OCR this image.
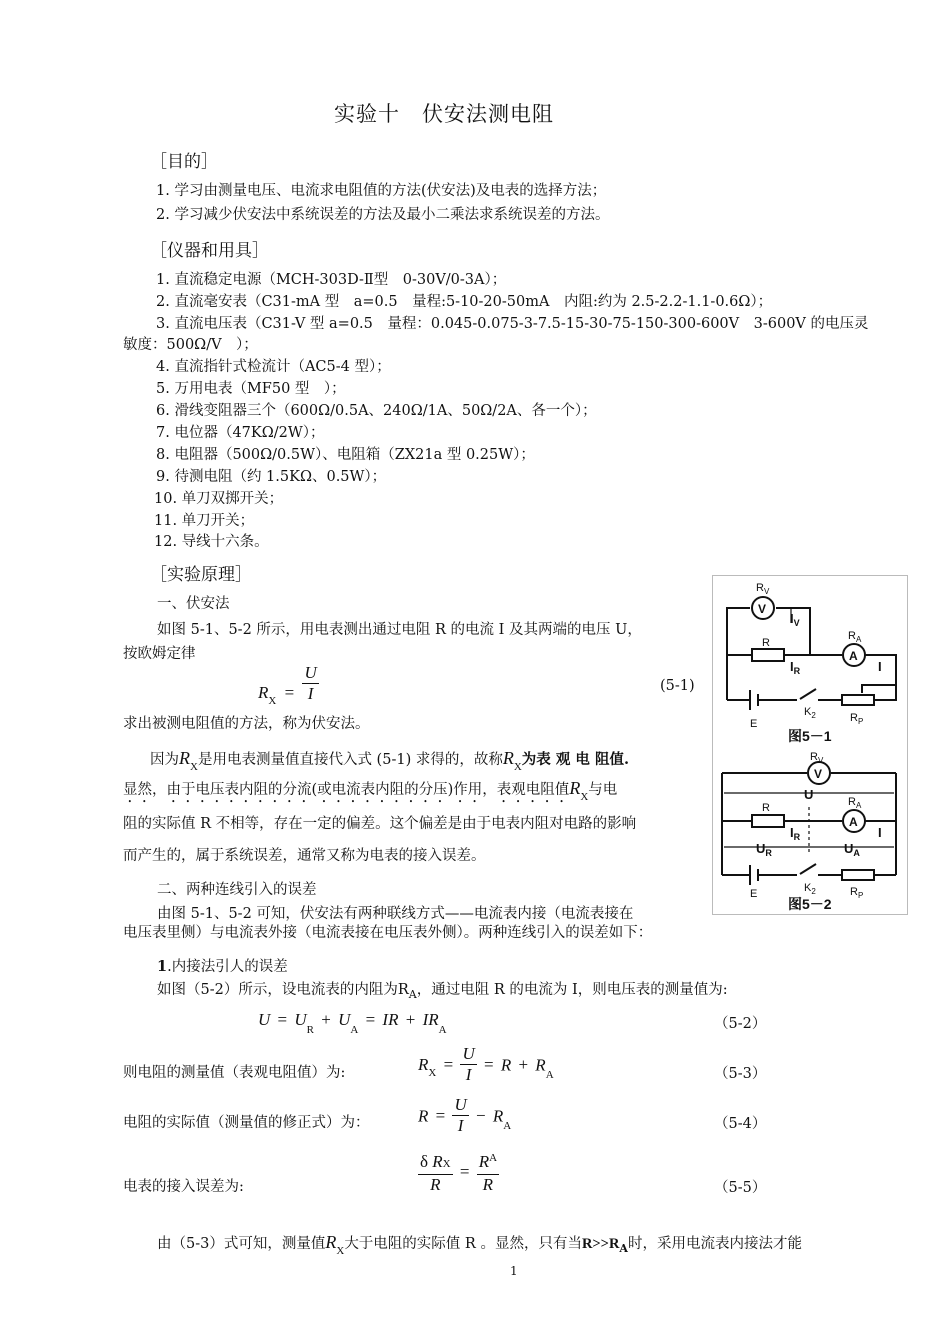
实验十　伏安法测电阻
［目的］
1. 学习由测量电压、电流求电阻值的方法(伏安法)及电表的选择方法；
2. 学习减少伏安法中系统误差的方法及最小二乘法求系统误差的方法。
［仪器和用具］
1. 直流稳定电源（MCH-303D-Ⅱ型　0-30V/0-3A）；
2. 直流毫安表（C31-mA 型　a=0.5　量程:5-10-20-50mA　内阻:约为 2.5-2.2-1.1-0.6Ω）；
3. 直流电压表（C31-V 型 a=0.5　量程：0.045-0.075-3-7.5-15-30-75-150-300-600V　3-600V 的电压灵
敏度：500Ω/V　）；
4. 直流指针式检流计（AC5-4 型）；
5. 万用电表（MF50 型　）；
6. 滑线变阻器三个（600Ω/0.5A、240Ω/1A、50Ω/2A、各一个）；
7. 电位器（47KΩ/2W）；
8. 电阻器（500Ω/0.5W）、电阻箱（ZX21a 型 0.25W）；
9. 待测电阻（约 1.5KΩ、0.5W）；
10. 单刀双掷开关；
11. 单刀开关；
12. 导线十六条。
［实验原理］
一、伏安法
如图 5-1、5-2 所示，用电表测出通过电阻 R 的电流 I 及其两端的电压 U，
按欧姆定律
$R_X = \frac{U}{I}$	(5-1)
求出被测电阻值的方法，称为伏安法。
因为$R_X$是用电表测量值直接代入式 (5-1) 求得的，故称$R_X$为表 观 电 阻值.
显然，由于电压表内阻的分流(或电流表内阻的分压)作用，表观电阻值$R_X$与电
阻的实际值 R 不相等，存在一定的偏差。这个偏差是由于电表内阻对电路的影响
而产生的，属于系统误差，通常又称为电表的接入误差。
二、两种连线引入的误差
由图 5-1、5-2 可知，伏安法有两种联线方式——电流表内接（电流表接在
电压表里侧）与电流表外接（电流表接在电压表外侧）。两种连线引入的误差如下：
1.内接法引人的误差
如图（5-2）所示，设电流表的内阻为$R_A$，通过电阻 R 的电流为 I，则电压表的测量值为:
$U = U_R + U_A$ = IR + $IR_A$	（5-2）
则电阻的测量值（表观电阻值）为:	$R_X = \frac{U}{I} = R + R_A$	（5-3）
电阻的实际值（测量值的修正式）为：	$R = \frac{U}{I} - R_A$	（5-4）
电表的接入误差为:	$\frac{\text{δ RX}}{R} = \frac{R^A}{R}$	（5-5）
由（5-3）式可知，测量值$R_X$大于电阻的实际值 R 。显然，只有当$R>>R_A$时，采用电流表内接法才能
1
$R_V$
V
$I_V$
R
$R_A$
A
$I_R$	I
E
$K_2$	$R_P$
图5－1
$R_V$
V
U
R	$R_A$
A
$I_R$	I
$U_R$	$U_A$
E	$K_2$	$R_P$
图5－2
